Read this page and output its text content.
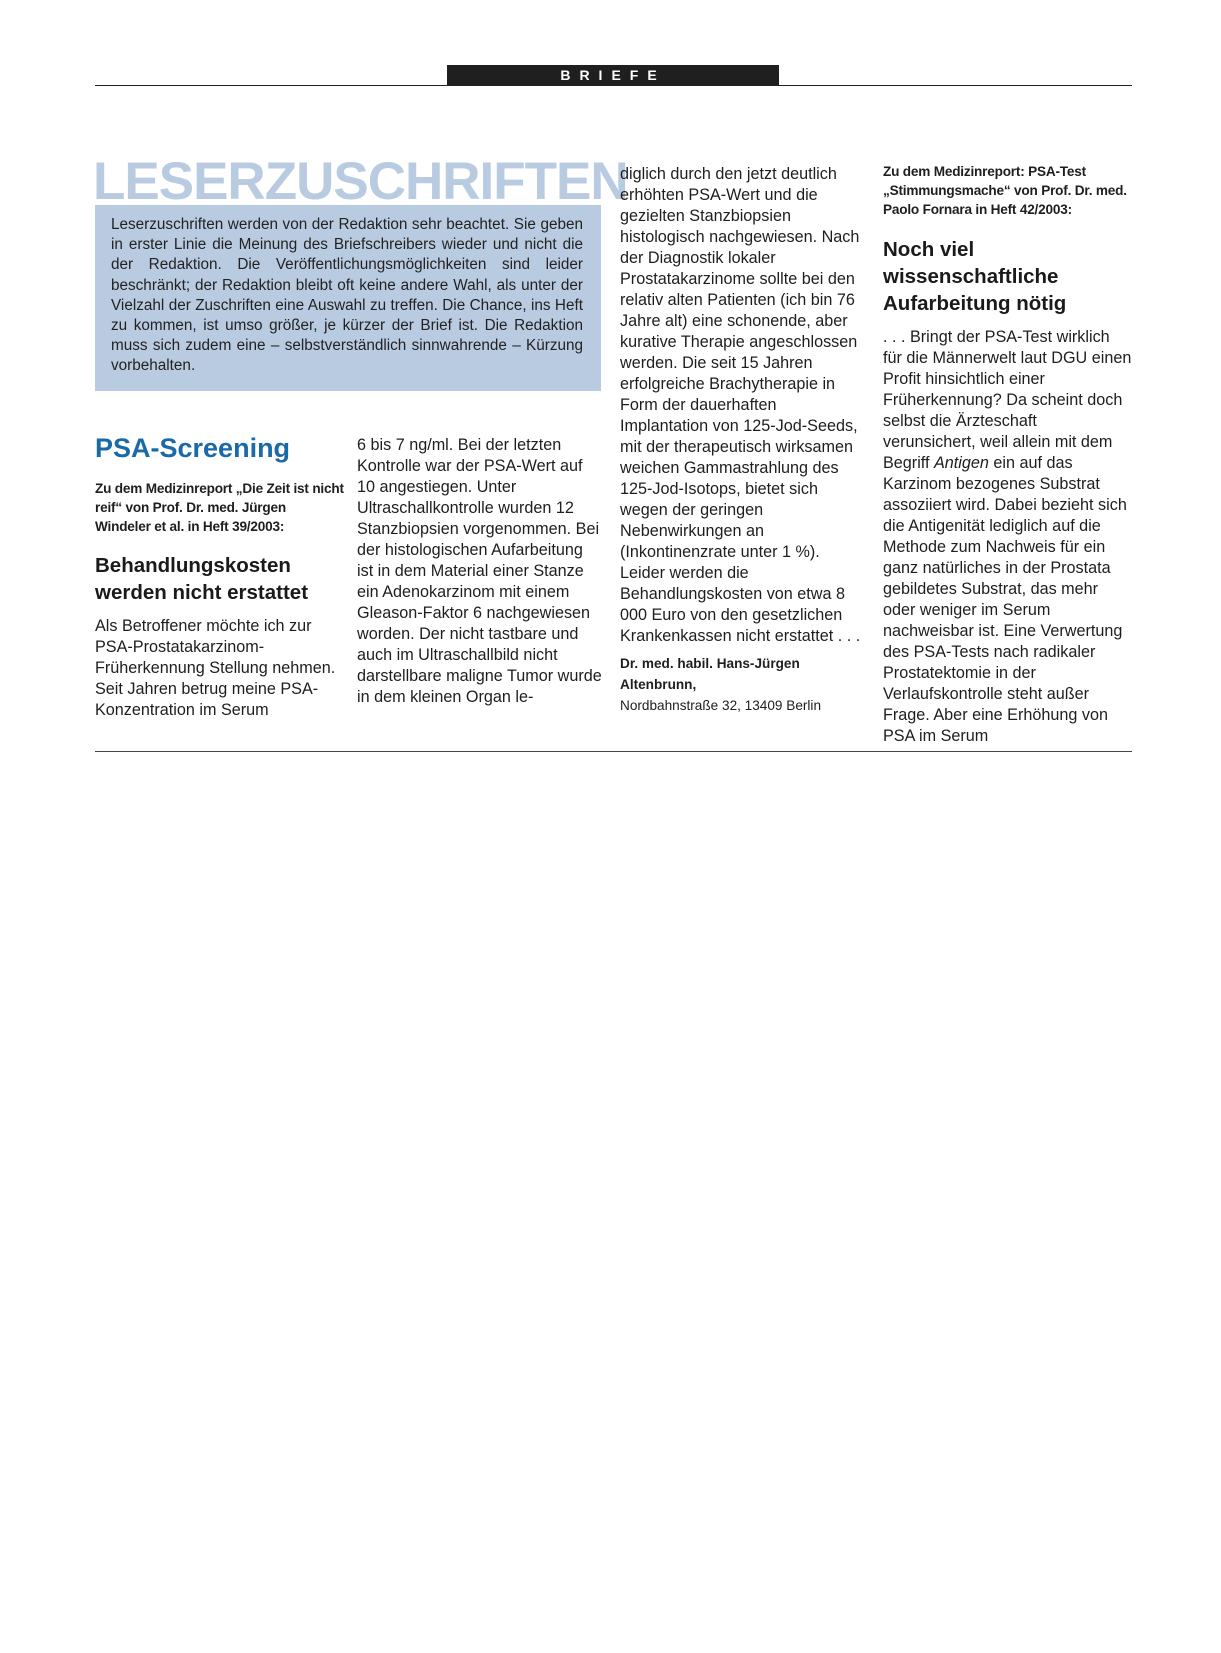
BRIEFE
LESERZUSCHRIFTEN
Leserzuschriften werden von der Redaktion sehr beachtet. Sie geben in erster Linie die Meinung des Briefschreibers wieder und nicht die der Redaktion. Die Veröffentlichungsmöglichkeiten sind leider beschränkt; der Redaktion bleibt oft keine andere Wahl, als unter der Vielzahl der Zuschriften eine Auswahl zu treffen. Die Chance, ins Heft zu kommen, ist umso größer, je kürzer der Brief ist. Die Redaktion muss sich zudem eine – selbstverständlich sinnwahrende – Kürzung vorbehalten.
PSA-Screening
Zu dem Medizinreport „Die Zeit ist nicht reif“ von Prof. Dr. med. Jürgen Windeler et al. in Heft 39/2003:
Behandlungskosten werden nicht erstattet

Als Betroffener möchte ich zur PSA-Prostatakarzinom-Früherkennung Stellung nehmen. Seit Jahren betrug meine PSA-Konzentration im Serum

6 bis 7 ng/ml. Bei der letzten Kontrolle war der PSA-Wert auf 10 angestiegen. Unter Ultraschallkontrolle wurden 12 Stanzbiopsien vorgenommen. Bei der histologischen Aufarbeitung ist in dem Material einer Stanze ein Adenokarzinom mit einem Gleason-Faktor 6 nachgewiesen worden. Der nicht tastbare und auch im Ultraschallbild nicht darstellbare maligne Tumor wurde in dem kleinen Organ le-

diglich durch den jetzt deutlich erhöhten PSA-Wert und die gezielten Stanzbiopsien histologisch nachgewiesen. Nach der Diagnostik lokaler Prostatakarzinome sollte bei den relativ alten Patienten (ich bin 76 Jahre alt) eine schonende, aber kurative Therapie angeschlossen werden. Die seit 15 Jahren erfolgreiche Brachytherapie in Form der dauerhaften Implantation von 125-Jod-Seeds, mit der therapeutisch wirksamen weichen Gammastrahlung des 125-Jod-Isotops, bietet sich wegen der geringen Nebenwirkungen an (Inkontinenzrate unter 1 %). Leider werden die Behandlungskosten von etwa 8 000 Euro von den gesetzlichen Krankenkassen nicht erstattet . . .

Dr. med. habil. Hans-Jürgen Altenbrunn,
Nordbahnstraße 32, 13409 Berlin
Zu dem Medizinreport: PSA-Test „Stimmungsmache“ von Prof. Dr. med. Paolo Fornara in Heft 42/2003:
Noch viel wissenschaftliche Aufarbeitung nötig

. . . Bringt der PSA-Test wirklich für die Männerwelt laut DGU einen Profit hinsichtlich einer Früherkennung? Da scheint doch selbst die Ärzteschaft verunsichert, weil allein mit dem Begriff Antigen ein auf das Karzinom bezogenes Substrat assoziiert wird. Dabei bezieht sich die Antigenität lediglich auf die Methode zum Nachweis für ein ganz natürliches in der Prostata gebildetes Substrat, das mehr oder weniger im Serum nachweisbar ist. Eine Verwertung des PSA-Tests nach radikaler Prostatektomie in der Verlaufskontrolle steht außer Frage. Aber eine Erhöhung von PSA im Serum
